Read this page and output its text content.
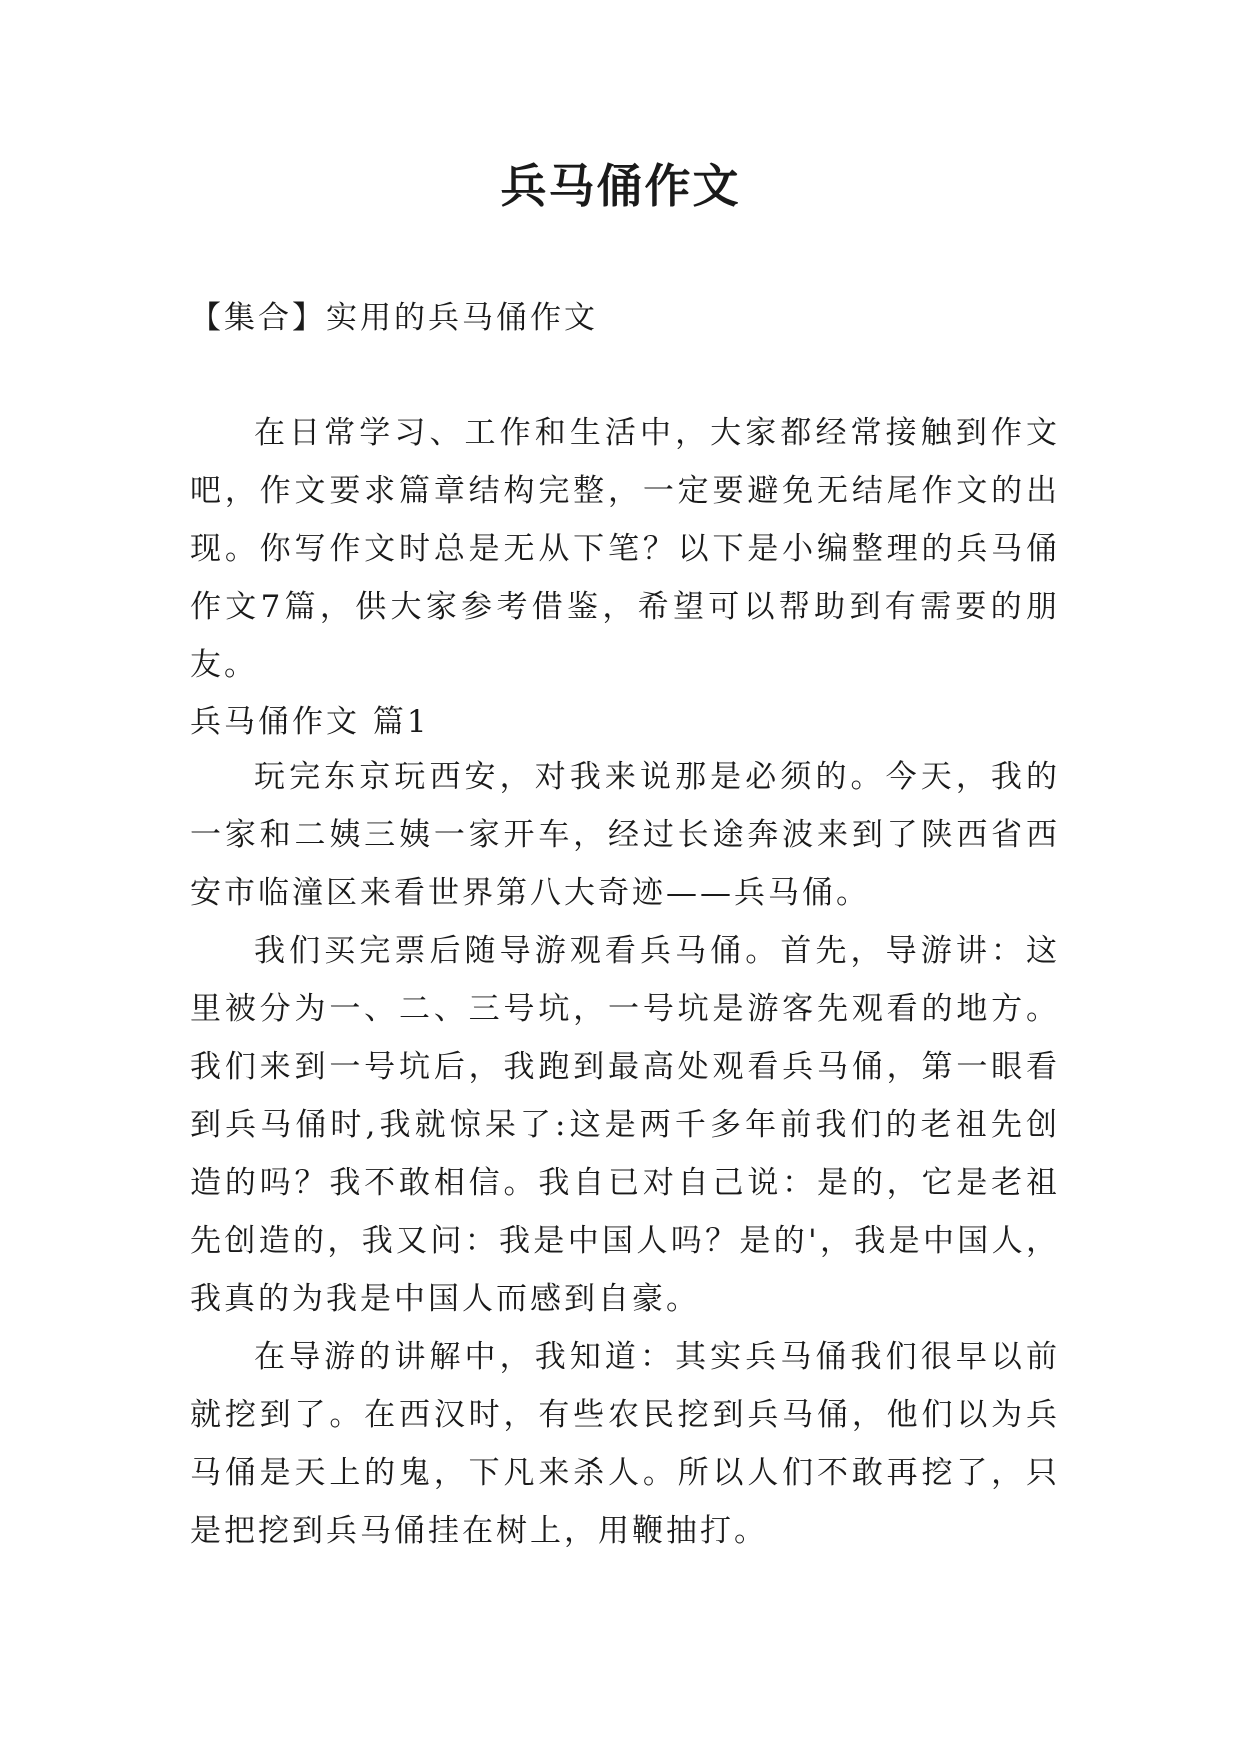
兵马俑作文
【集合】实用的兵马俑作文

在日常学习、工作和生活中，大家都经常接触到作文吧，作文要求篇章结构完整，一定要避免无结尾作文的出现。你写作文时总是无从下笔？以下是小编整理的兵马俑作文7篇，供大家参考借鉴，希望可以帮助到有需要的朋友。

兵马俑作文 篇1

玩完东京玩西安，对我来说那是必须的。今天，我的一家和二姨三姨一家开车，经过长途奔波来到了陕西省西安市临潼区来看世界第八大奇迹——兵马俑。

我们买完票后随导游观看兵马俑。首先，导游讲：这里被分为一、二、三号坑，一号坑是游客先观看的地方。我们来到一号坑后，我跑到最高处观看兵马俑，第一眼看到兵马俑时,我就惊呆了:这是两千多年前我们的老祖先创造的吗？我不敢相信。我自已对自己说：是的，它是老祖先创造的，我又问：我是中国人吗？是的'，我是中国人，我真的为我是中国人而感到自豪。

在导游的讲解中，我知道：其实兵马俑我们很早以前就挖到了。在西汉时，有些农民挖到兵马俑，他们以为兵马俑是天上的鬼，下凡来杀人。所以人们不敢再挖了，只是把挖到兵马俑挂在树上，用鞭抽打。
